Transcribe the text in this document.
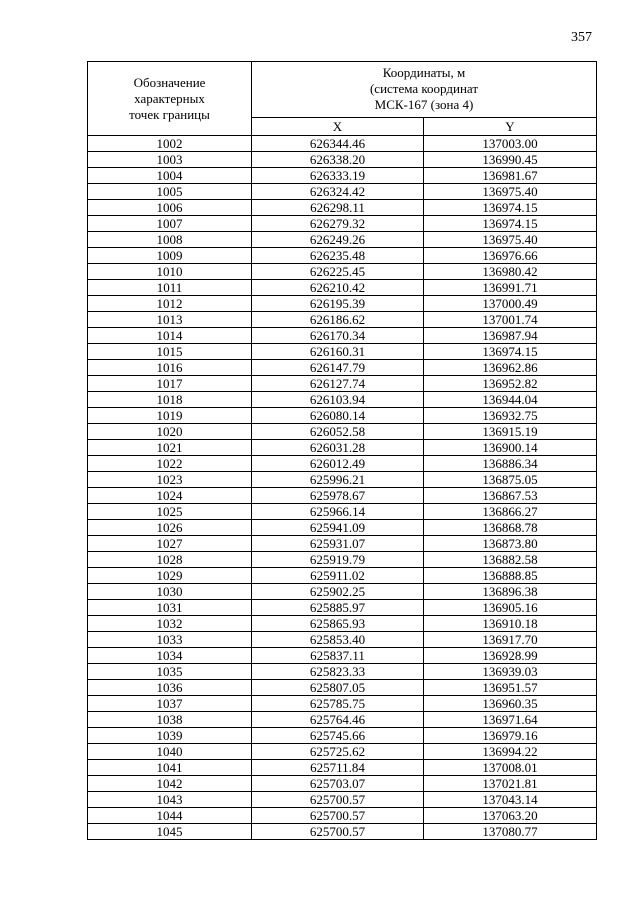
357
Обозначение
характерных
точек границы	Координаты, м
(система координат
МСК-167 (зона 4)	

	X	Y
1002	626344.46	137003.00
1003	626338.20	136990.45
1004	626333.19	136981.67
1005	626324.42	136975.40
1006	626298.11	136974.15
1007	626279.32	136974.15
1008	626249.26	136975.40
1009	626235.48	136976.66
1010	626225.45	136980.42
1011	626210.42	136991.71
1012	626195.39	137000.49
1013	626186.62	137001.74
1014	626170.34	136987.94
1015	626160.31	136974.15
1016	626147.79	136962.86
1017	626127.74	136952.82
1018	626103.94	136944.04
1019	626080.14	136932.75
1020	626052.58	136915.19
1021	626031.28	136900.14
1022	626012.49	136886.34
1023	625996.21	136875.05
1024	625978.67	136867.53
1025	625966.14	136866.27
1026	625941.09	136868.78
1027	625931.07	136873.80
1028	625919.79	136882.58
1029	625911.02	136888.85
1030	625902.25	136896.38
1031	625885.97	136905.16
1032	625865.93	136910.18
1033	625853.40	136917.70
1034	625837.11	136928.99
1035	625823.33	136939.03
1036	625807.05	136951.57
1037	625785.75	136960.35
1038	625764.46	136971.64
1039	625745.66	136979.16
1040	625725.62	136994.22
1041	625711.84	137008.01
1042	625703.07	137021.81
1043	625700.57	137043.14
1044	625700.57	137063.20
1045	625700.57	137080.77
